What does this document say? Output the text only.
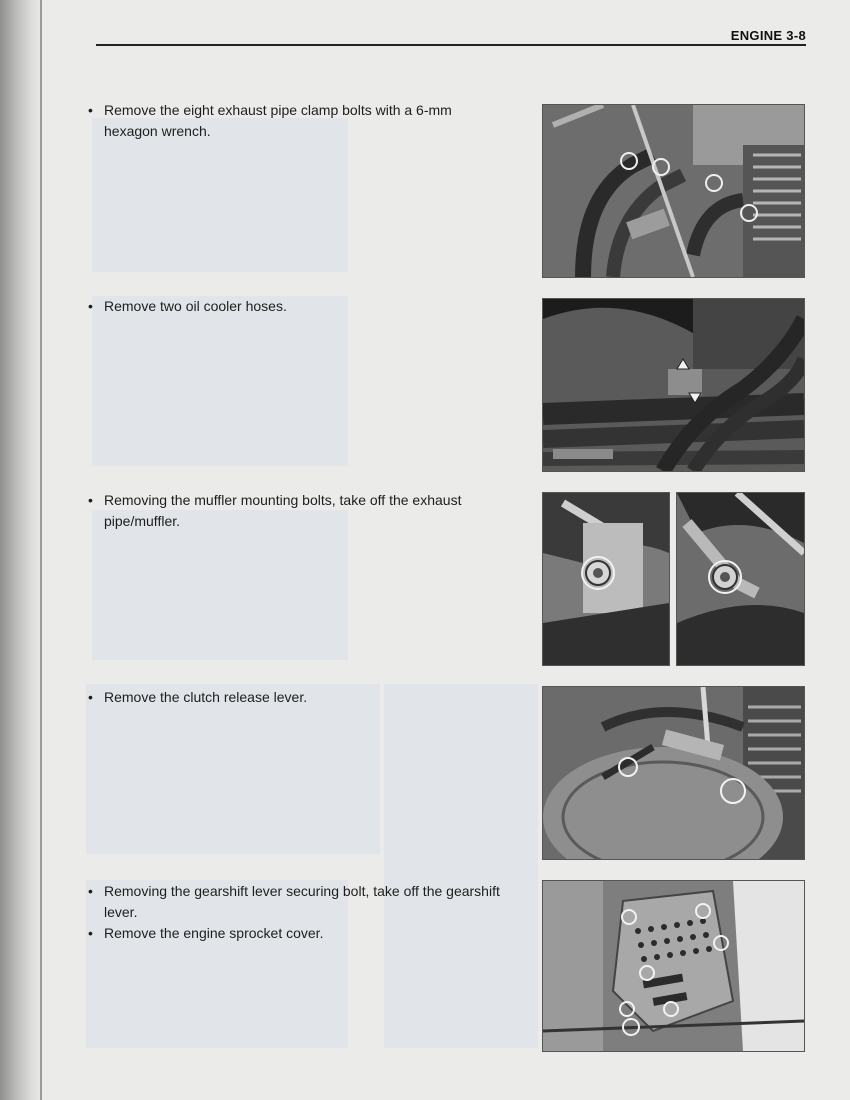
ENGINE 3-8
• Remove the eight exhaust pipe clamp bolts with a 6-mm hexagon wrench.
• Remove two oil cooler hoses.
• Removing the muffler mounting bolts, take off the exhaust pipe/muffler.
• Remove the clutch release lever.
• Removing the gearshift lever securing bolt, take off the gearshift lever.
• Remove the engine sprocket cover.
